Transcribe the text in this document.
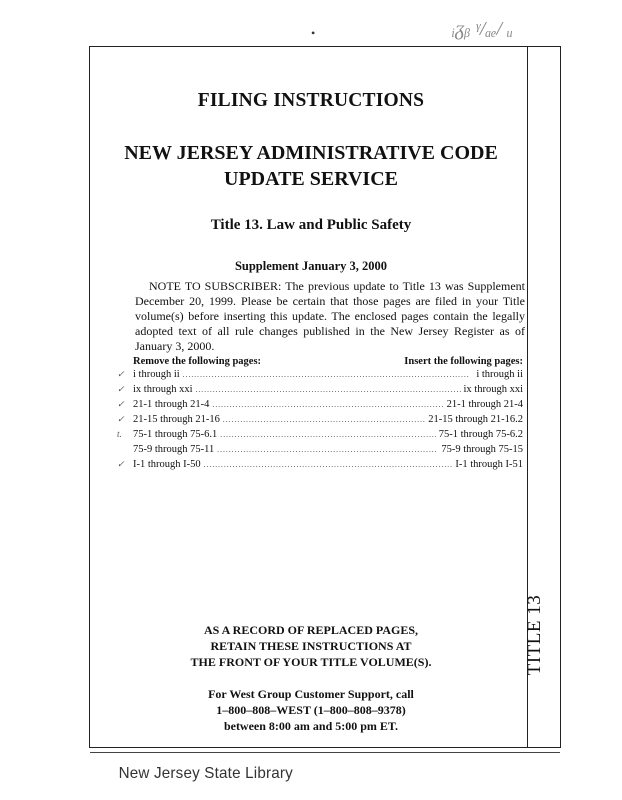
•	ᵢᵹᵦ ᵞ/ₐₑ/ ᵤ
TITLE 13
FILING INSTRUCTIONS
NEW JERSEY ADMINISTRATIVE CODE
UPDATE SERVICE
Title 13. Law and Public Safety
Supplement January 3, 2000
NOTE TO SUBSCRIBER: The previous update to Title 13 was Supplement December 20, 1999. Please be certain that those pages are filed in your Title volume(s) before inserting this update. The enclosed pages contain the legally adopted text of all rule changes published in the New Jersey Register as of January 3, 2000.
Remove the following pages:	Insert the following pages:
✓ i through ii . . .	i through ii
✓ ix through xxi . . .	ix through xxi
✓ 21-1 through 21-4 . . .	21-1 through 21-4
✓ 21-15 through 21-16 . . .	21-15 through 21-16.2
t. 75-1 through 75-6.1 . . .	75-1 through 75-6.2
75-9 through 75-11 . . .	75-9 through 75-15
✓ I-1 through I-50 . . .	I-1 through I-51
AS A RECORD OF REPLACED PAGES,
RETAIN THESE INSTRUCTIONS AT
THE FRONT OF YOUR TITLE VOLUME(S).
For West Group Customer Support, call
1–800–808–WEST (1–800–808–9378)
between 8:00 am and 5:00 pm ET.
New Jersey State Library
